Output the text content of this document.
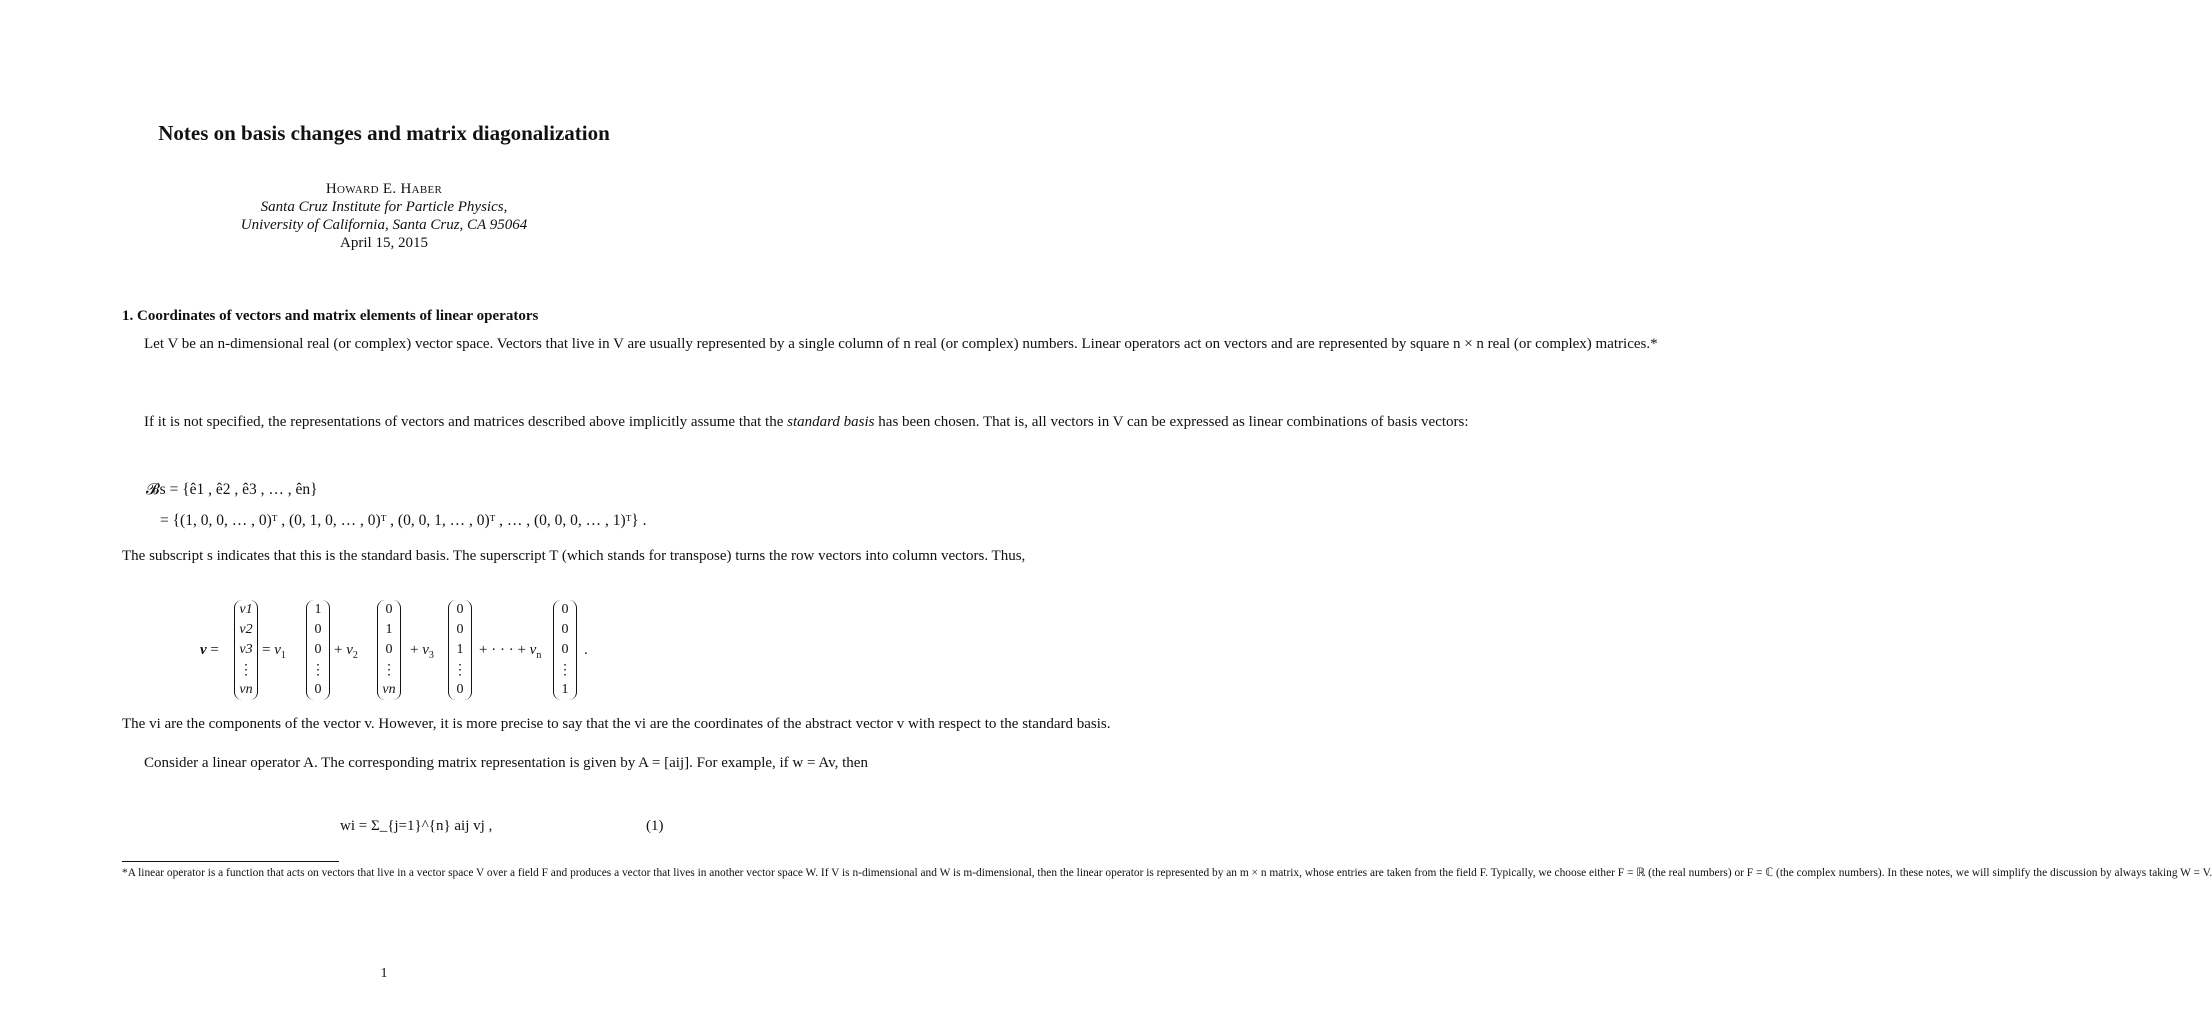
Notes on basis changes and matrix diagonalization
Howard E. Haber
Santa Cruz Institute for Particle Physics,
University of California, Santa Cruz, CA 95064
April 15, 2015
1. Coordinates of vectors and matrix elements of linear operators
Let V be an n-dimensional real (or complex) vector space. Vectors that live in V are usually represented by a single column of n real (or complex) numbers. Linear operators act on vectors and are represented by square n × n real (or complex) matrices.*
If it is not specified, the representations of vectors and matrices described above implicitly assume that the standard basis has been chosen. That is, all vectors in V can be expressed as linear combinations of basis vectors:
𝓑s = {ê1 , ê2 , ê3 , … , ên}
= {(1, 0, 0, … , 0)ᵀ , (0, 1, 0, … , 0)ᵀ , (0, 0, 1, … , 0)ᵀ , … , (0, 0, 0, … , 1)ᵀ} .
The subscript s indicates that this is the standard basis. The superscript T (which stands for transpose) turns the row vectors into column vectors. Thus,
v =
v1
v2
v3
⋮
vn
= $v_1$
1
0
0
⋮
0
+ $v_2$
0
1
0
⋮
vn
+ $v_3$
0
0
1
⋮
0
+ · · · + $v_n$
0
0
0
⋮
1
.
The vi are the components of the vector v. However, it is more precise to say that the vi are the coordinates of the abstract vector v with respect to the standard basis.
Consider a linear operator A. The corresponding matrix representation is given by A = [aij]. For example, if w = Av, then
wi = Σ_{j=1}^{n} aij vj ,	(1)
*A linear operator is a function that acts on vectors that live in a vector space V over a field F and produces a vector that lives in another vector space W. If V is n-dimensional and W is m-dimensional, then the linear operator is represented by an m × n matrix, whose entries are taken from the field F. Typically, we choose either F = ℝ (the real numbers) or F = ℂ (the complex numbers). In these notes, we will simplify the discussion by always taking W = V.
1
